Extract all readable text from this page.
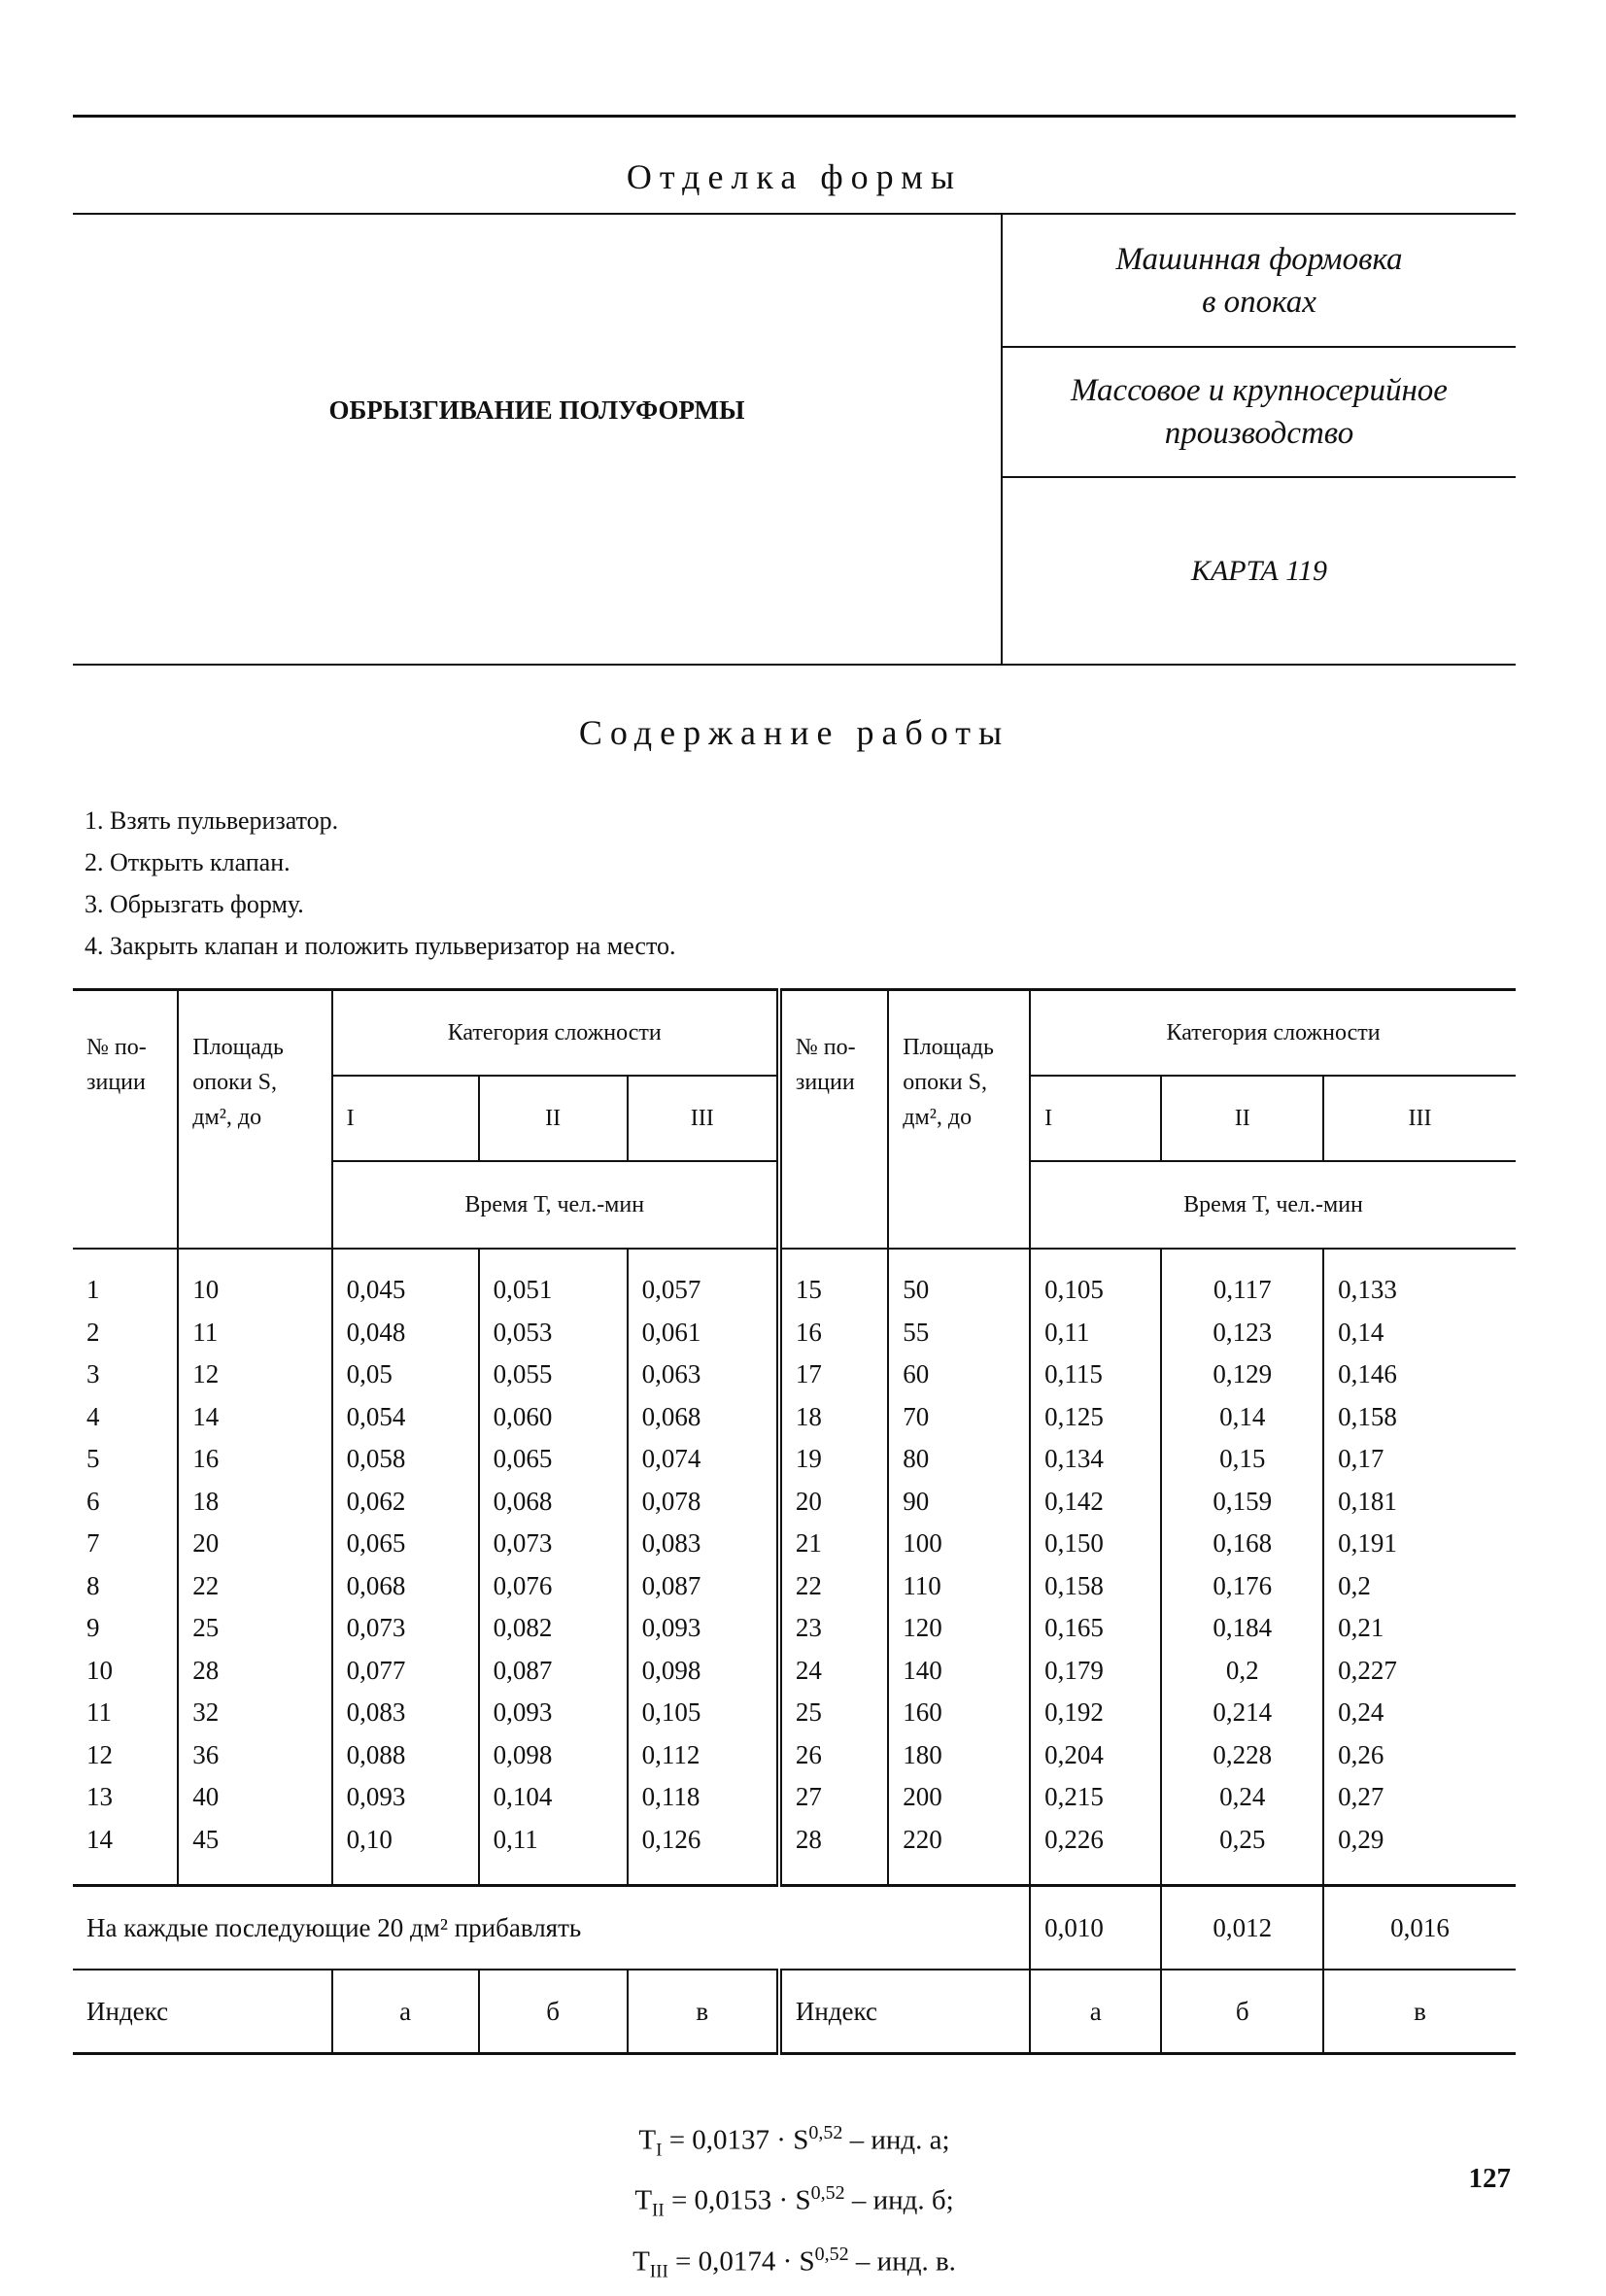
Отделка формы
ОБРЫЗГИВАНИЕ ПОЛУФОРМЫ
Машинная формовка
в опоках
Массовое и крупносерийное
производство
КАРТА 119
Содержание работы
1. Взять пульверизатор.
2. Открыть клапан.
3. Обрызгать форму.
4. Закрыть клапан и положить пульверизатор на место.
№ по-
зиции	Площадь
опоки S,
дм², до	Категория сложности			№ по-
зиции	Площадь
опоки S,
дм², до	Категория сложности		
		I	II	III			I	II	III
		Время Т, чел.-мин					Время Т, чел.-мин		
1	10	0,045	0,051	0,057	15	50	0,105	0,117	0,133
2	11	0,048	0,053	0,061	16	55	0,11	0,123	0,14
3	12	0,05	0,055	0,063	17	60	0,115	0,129	0,146
4	14	0,054	0,060	0,068	18	70	0,125	0,14	0,158
5	16	0,058	0,065	0,074	19	80	0,134	0,15	0,17
6	18	0,062	0,068	0,078	20	90	0,142	0,159	0,181
7	20	0,065	0,073	0,083	21	100	0,150	0,168	0,191
8	22	0,068	0,076	0,087	22	110	0,158	0,176	0,2
9	25	0,073	0,082	0,093	23	120	0,165	0,184	0,21
10	28	0,077	0,087	0,098	24	140	0,179	0,2	0,227
11	32	0,083	0,093	0,105	25	160	0,192	0,214	0,24
12	36	0,088	0,098	0,112	26	180	0,204	0,228	0,26
13	40	0,093	0,104	0,118	27	200	0,215	0,24	0,27
14	45	0,10	0,11	0,126	28	220	0,226	0,25	0,29
На каждые последующие 20 дм² прибавлять							0,010	0,012	0,016
Индекс		а	б	в	Индекс		а	б	в
$T_I = 0,0137 \cdot S^{0,52}$ – инд. а;
$T_{II} = 0,0153 \cdot S^{0,52}$ – инд. б;
$T_{III} = 0,0174 \cdot S^{0,52}$ – инд. в.
127
